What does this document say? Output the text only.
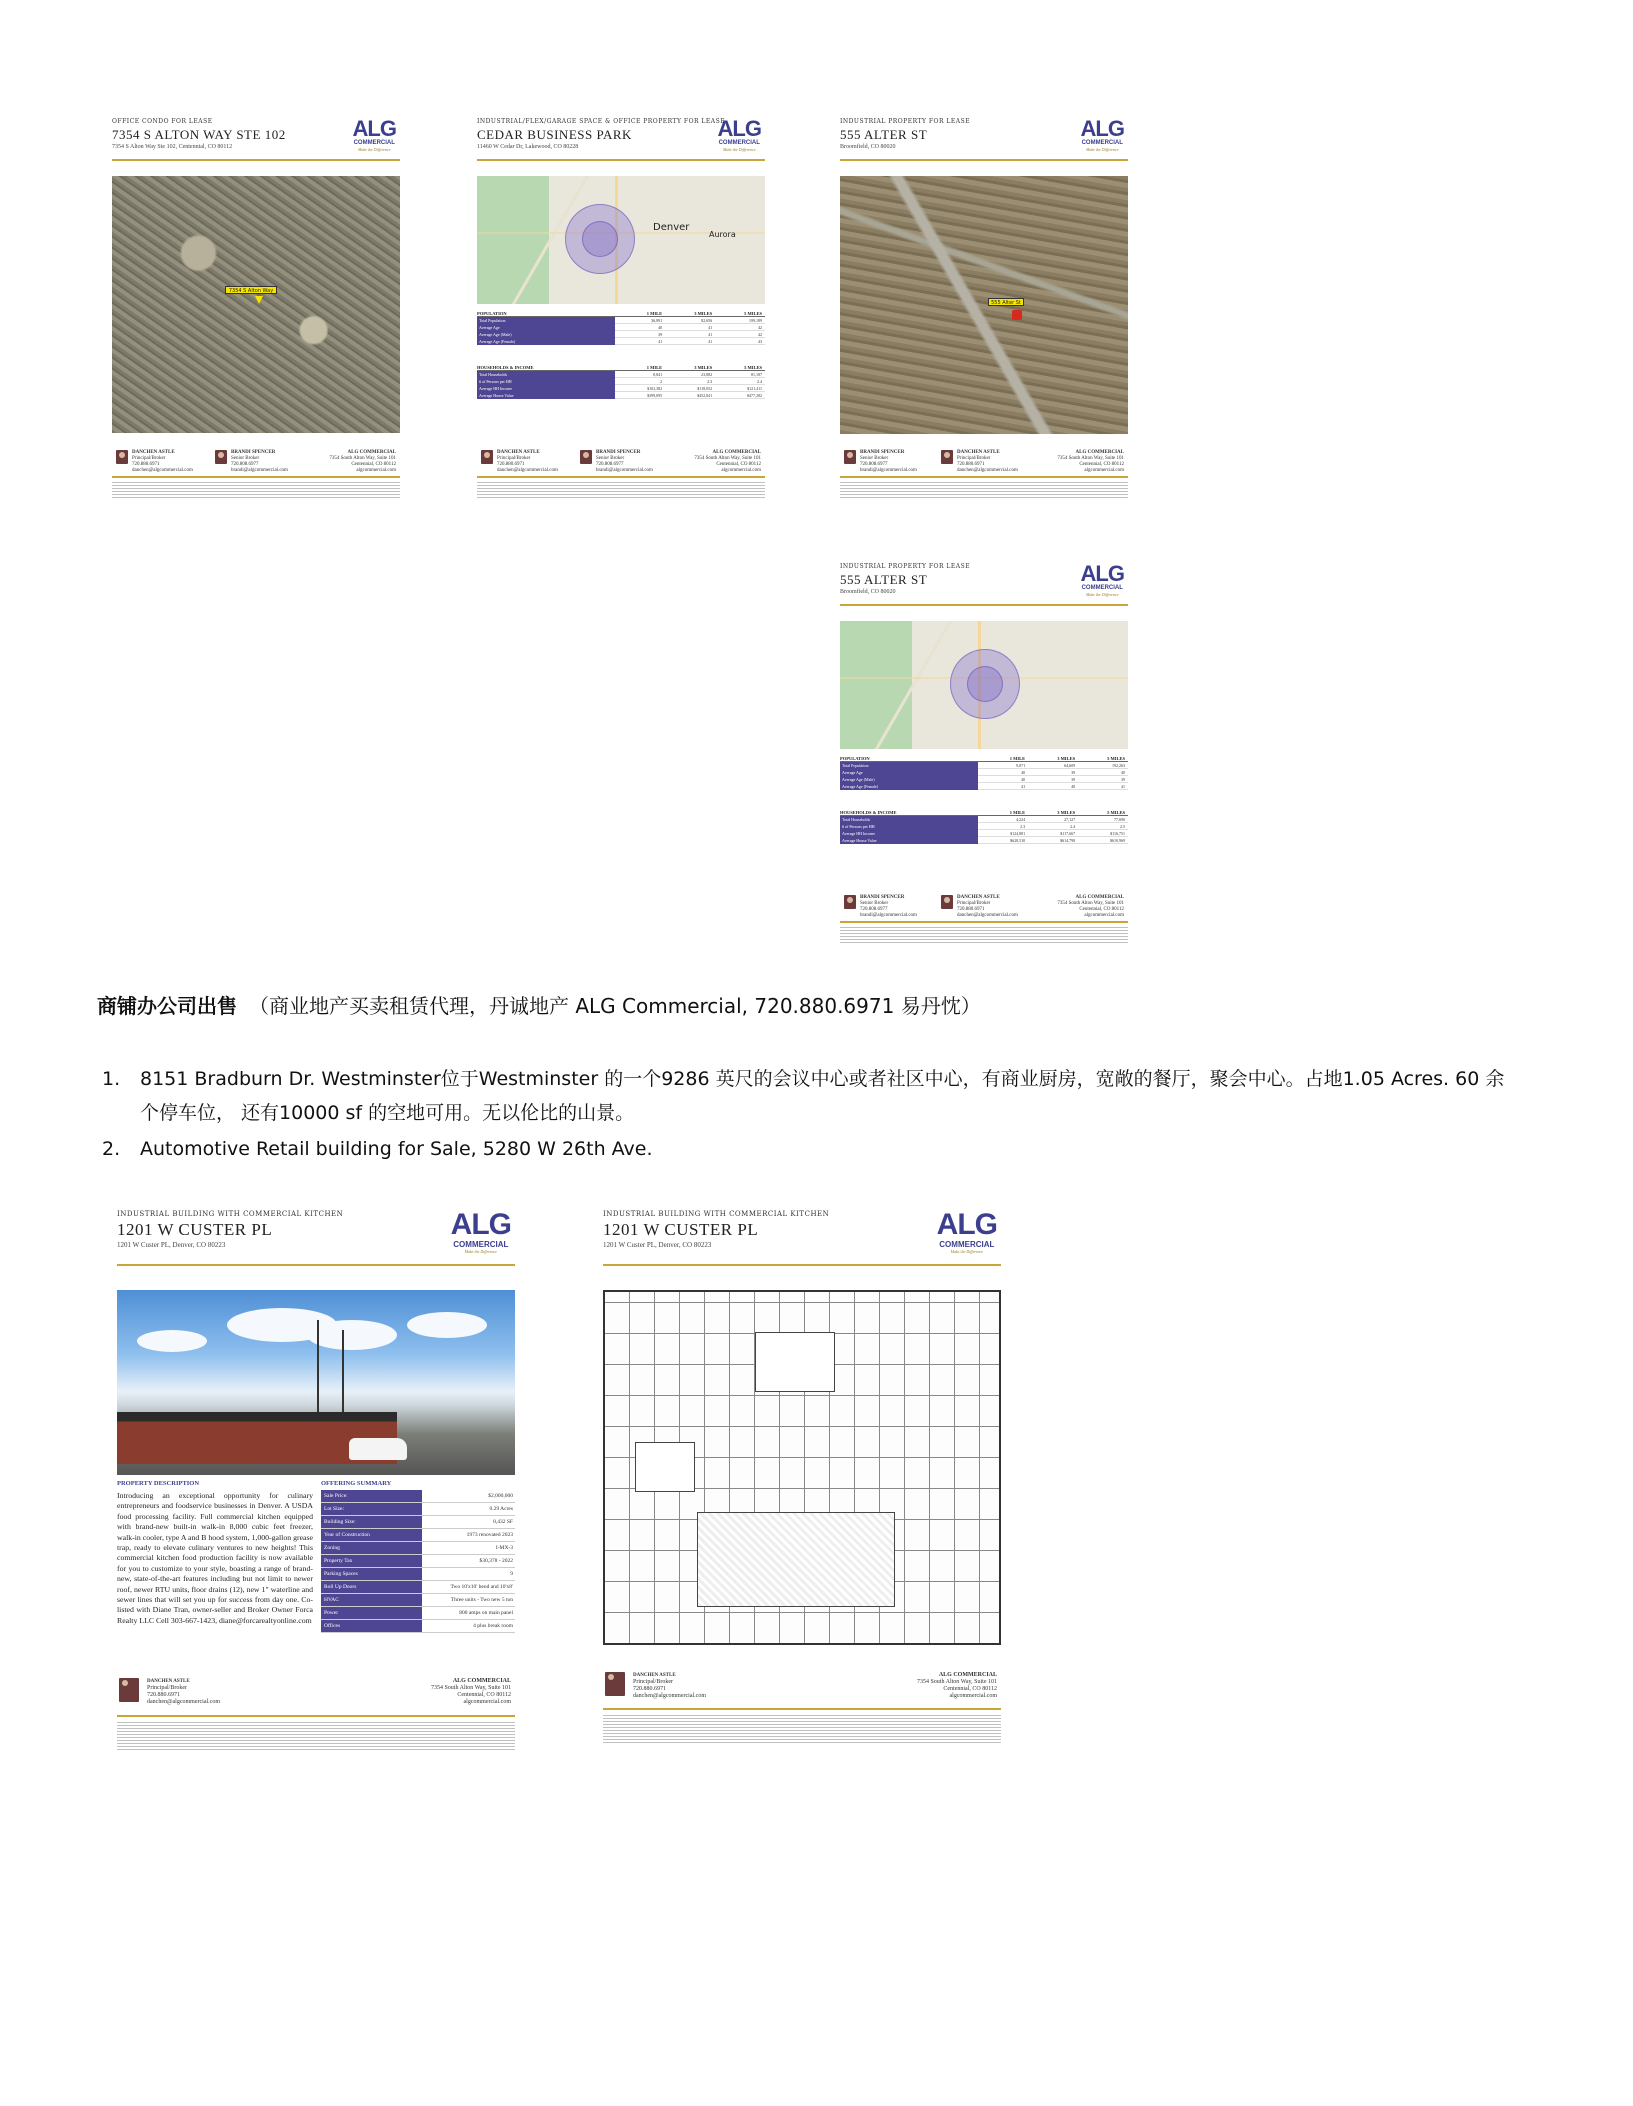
OFFICE CONDO FOR LEASE
7354 S ALTON WAY STE 102
7354 S Alton Way Ste 102, Centennial, CO 80112
ALG
COMMERCIAL
Make the Difference
7354 S Alton Way
DANCHEN ASTLE
Principal/Broker
720.880.6971
danchen@algcommercial.com
BRANDI SPENCER
Senior Broker
720.808.6977
brandi@algcommercial.com
ALG COMMERCIAL
7354 South Alton Way, Suite 101
Centennial, CO 80112
algcommercial.com
INDUSTRIAL/FLEX/GARAGE SPACE & OFFICE PROPERTY FOR LEASE
CEDAR BUSINESS PARK
11460 W Cedar Dr, Lakewood, CO 80228
ALG
COMMERCIAL
Make the Difference
Denver
Aurora
POPULATION	1 MILE	3 MILES	5 MILES
Total Population	36,891	82,656	199,189
Average Age	40	41	42
Average Age (Male)	39	41	42
Average Age (Female)	41	41	43
HOUSEHOLDS & INCOME	1 MILE	3 MILES	5 MILES
Total Households	8,841	23,882	81,187
# of Persons per HH	2	2.3	2.4
Average HH Income	$102,382	$118,052	$121,411
Average House Value	$399,095	$452,841	$477,282
DANCHEN ASTLE
Principal/Broker
720.880.6971
danchen@algcommercial.com
BRANDI SPENCER
Senior Broker
720.808.6977
brandi@algcommercial.com
ALG COMMERCIAL
7354 South Alton Way, Suite 101
Centennial, CO 80112
algcommercial.com
INDUSTRIAL PROPERTY FOR LEASE
555 ALTER ST
Broomfield, CO 80020
ALG
COMMERCIAL
Make the Difference
555 Alter St
BRANDI SPENCER
Senior Broker
720.808.6977
brandi@algcommercial.com
DANCHEN ASTLE
Principal/Broker
720.880.6971
danchen@algcommercial.com
ALG COMMERCIAL
7354 South Alton Way, Suite 101
Centennial, CO 80112
algcommercial.com
INDUSTRIAL PROPERTY FOR LEASE
555 ALTER ST
Broomfield, CO 80020
ALG
COMMERCIAL
Make the Difference
POPULATION	1 MILE	3 MILES	5 MILES
Total Population	9,871	64,609	192,263
Average Age	40	39	40
Average Age (Male)	40	39	39
Average Age (Female)	41	40	41
HOUSEHOLDS & INCOME	1 MILE	3 MILES	5 MILES
Total Households	4,224	27,127	77,690
# of Persons per HH	2.3	2.4	2.5
Average HH Income	$124,881	$117,667	$116,751
Average House Value	$628,510	$614,798	$610,969
BRANDI SPENCER
Senior Broker
720.808.6977
brandi@algcommercial.com
DANCHEN ASTLE
Principal/Broker
720.880.6971
danchen@algcommercial.com
ALG COMMERCIAL
7354 South Alton Way, Suite 101
Centennial, CO 80112
algcommercial.com
商铺办公司出售 （商业地产买卖租赁代理，丹诚地产 ALG Commercial, 720.880.6971 易丹忱）
1. 8151 Bradburn Dr. Westminster位于Westminster 的一个9286 英尺的会议中心或者社区中心，有商业厨房，宽敞的餐厅，聚会中心。占地1.05 Acres. 60 余个停车位， 还有10000 sf 的空地可用。无以伦比的山景。
2. Automotive Retail building for Sale, 5280 W 26th Ave.
INDUSTRIAL BUILDING WITH COMMERCIAL KITCHEN
1201 W CUSTER PL
1201 W Custer PL, Denver, CO 80223
ALG
COMMERCIAL
Make the Difference
PROPERTY DESCRIPTION
Introducing an exceptional opportunity for culinary entrepreneurs and foodservice businesses in Denver. A USDA food processing facility. Full commercial kitchen equipped with brand-new built-in walk-in 8,000 cubic feet freezer, walk-in cooler, type A and B hood system, 1,000-gallon grease trap, ready to elevate culinary ventures to new heights! This commercial kitchen food production facility is now available for you to customize to your style, boasting a range of brand-new, state-of-the-art features including but not limit to newer roof, newer RTU units, floor drains (12), new 1" waterline and sewer lines that will set you up for success from day one. Co-listed with Diane Tran, owner-seller and Broker Owner Forca Realty LLC Cell 303-667-1423, diane@forcarealtyonline.com
OFFERING SUMMARY
Sale Price:	$2,000,000
Lot Size:	0.29 Acres
Building Size:	8,432 SF
Year of Construction	1973 renovated 2023
Zoning	I-MX-3
Property Tax	$30,378 - 2022
Parking Spaces	9
Roll Up Doors	Two 10'x10' bend and 10'x8'
HVAC	Three units - Two new 5 ton
Power	800 amps on main panel
Offices	4 plus break room
DANCHEN ASTLE
Principal/Broker
720.880.6971
danchen@algcommercial.com
ALG COMMERCIAL
7354 South Alton Way, Suite 101
Centennial, CO 80112
algcommercial.com
INDUSTRIAL BUILDING WITH COMMERCIAL KITCHEN
1201 W CUSTER PL
1201 W Custer PL, Denver, CO 80223
ALG
COMMERCIAL
Make the Difference
DANCHEN ASTLE
Principal/Broker
720.880.6971
danchen@algcommercial.com
ALG COMMERCIAL
7354 South Alton Way, Suite 101
Centennial, CO 80112
algcommercial.com
